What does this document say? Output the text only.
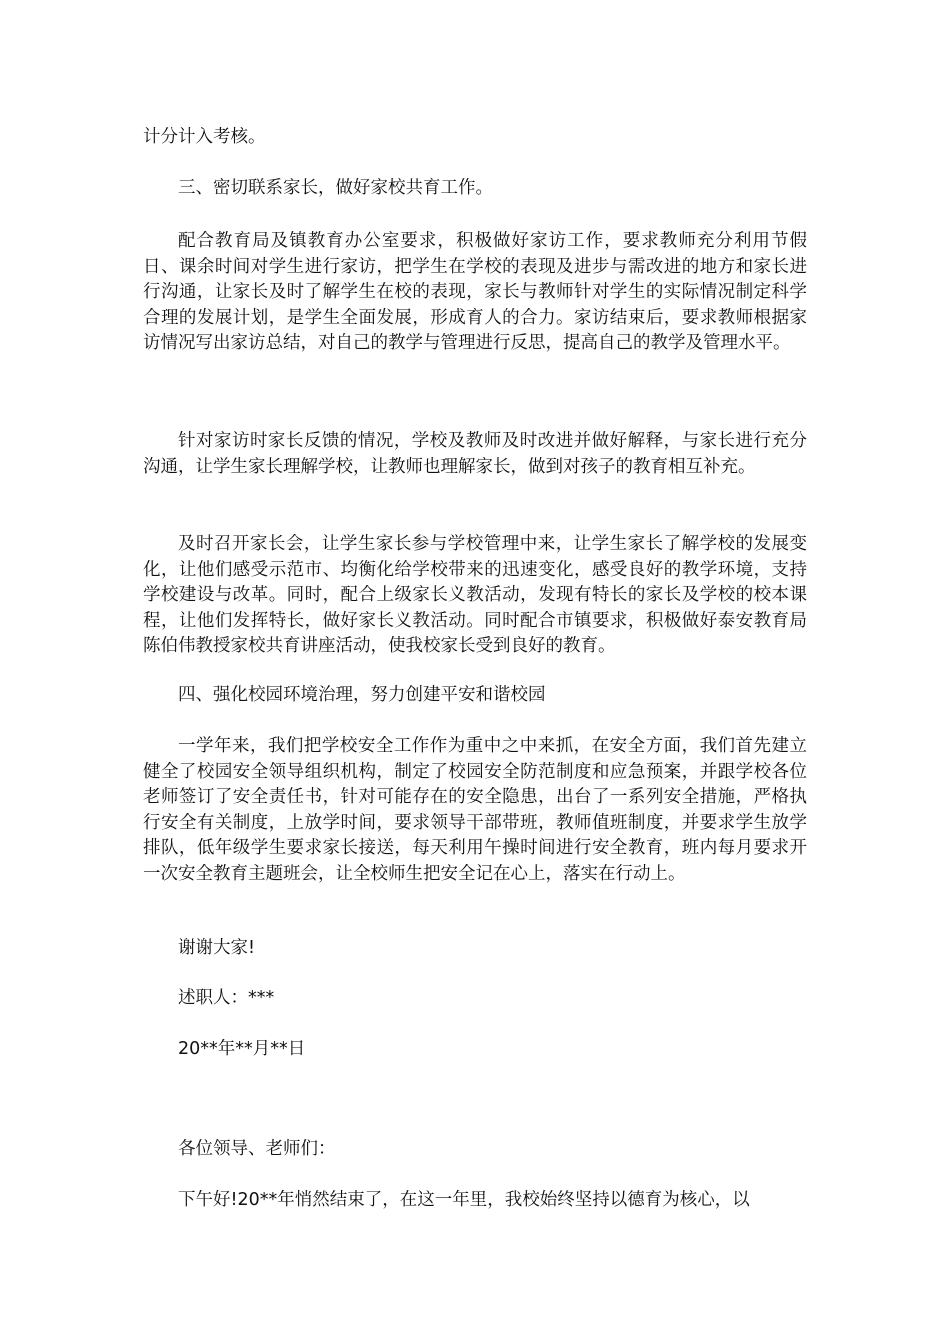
计分计入考核。

三、密切联系家长，做好家校共育工作。

配合教育局及镇教育办公室要求，积极做好家访工作，要求教师充分利用节假日、课余时间对学生进行家访，把学生在学校的表现及进步与需改进的地方和家长进行沟通，让家长及时了解学生在校的表现，家长与教师针对学生的实际情况制定科学合理的发展计划，是学生全面发展，形成育人的合力。家访结束后，要求教师根据家访情况写出家访总结，对自己的教学与管理进行反思，提高自己的教学及管理水平。

针对家访时家长反馈的情况，学校及教师及时改进并做好解释，与家长进行充分沟通，让学生家长理解学校，让教师也理解家长，做到对孩子的教育相互补充。

及时召开家长会，让学生家长参与学校管理中来，让学生家长了解学校的发展变化，让他们感受示范市、均衡化给学校带来的迅速变化，感受良好的教学环境，支持学校建设与改革。同时，配合上级家长义教活动，发现有特长的家长及学校的校本课程，让他们发挥特长，做好家长义教活动。同时配合市镇要求，积极做好泰安教育局陈伯伟教授家校共育讲座活动，使我校家长受到良好的教育。

四、强化校园环境治理，努力创建平安和谐校园

一学年来，我们把学校安全工作作为重中之中来抓，在安全方面，我们首先建立健全了校园安全领导组织机构，制定了校园安全防范制度和应急预案，并跟学校各位老师签订了安全责任书，针对可能存在的安全隐患，出台了一系列安全措施，严格执行安全有关制度，上放学时间，要求领导干部带班，教师值班制度，并要求学生放学排队，低年级学生要求家长接送，每天利用午操时间进行安全教育，班内每月要求开一次安全教育主题班会，让全校师生把安全记在心上，落实在行动上。

谢谢大家!

述职人：***

20**年**月**日

各位领导、老师们：

下午好!20**年悄然结束了，在这一年里，我校始终坚持以德育为核心，以
